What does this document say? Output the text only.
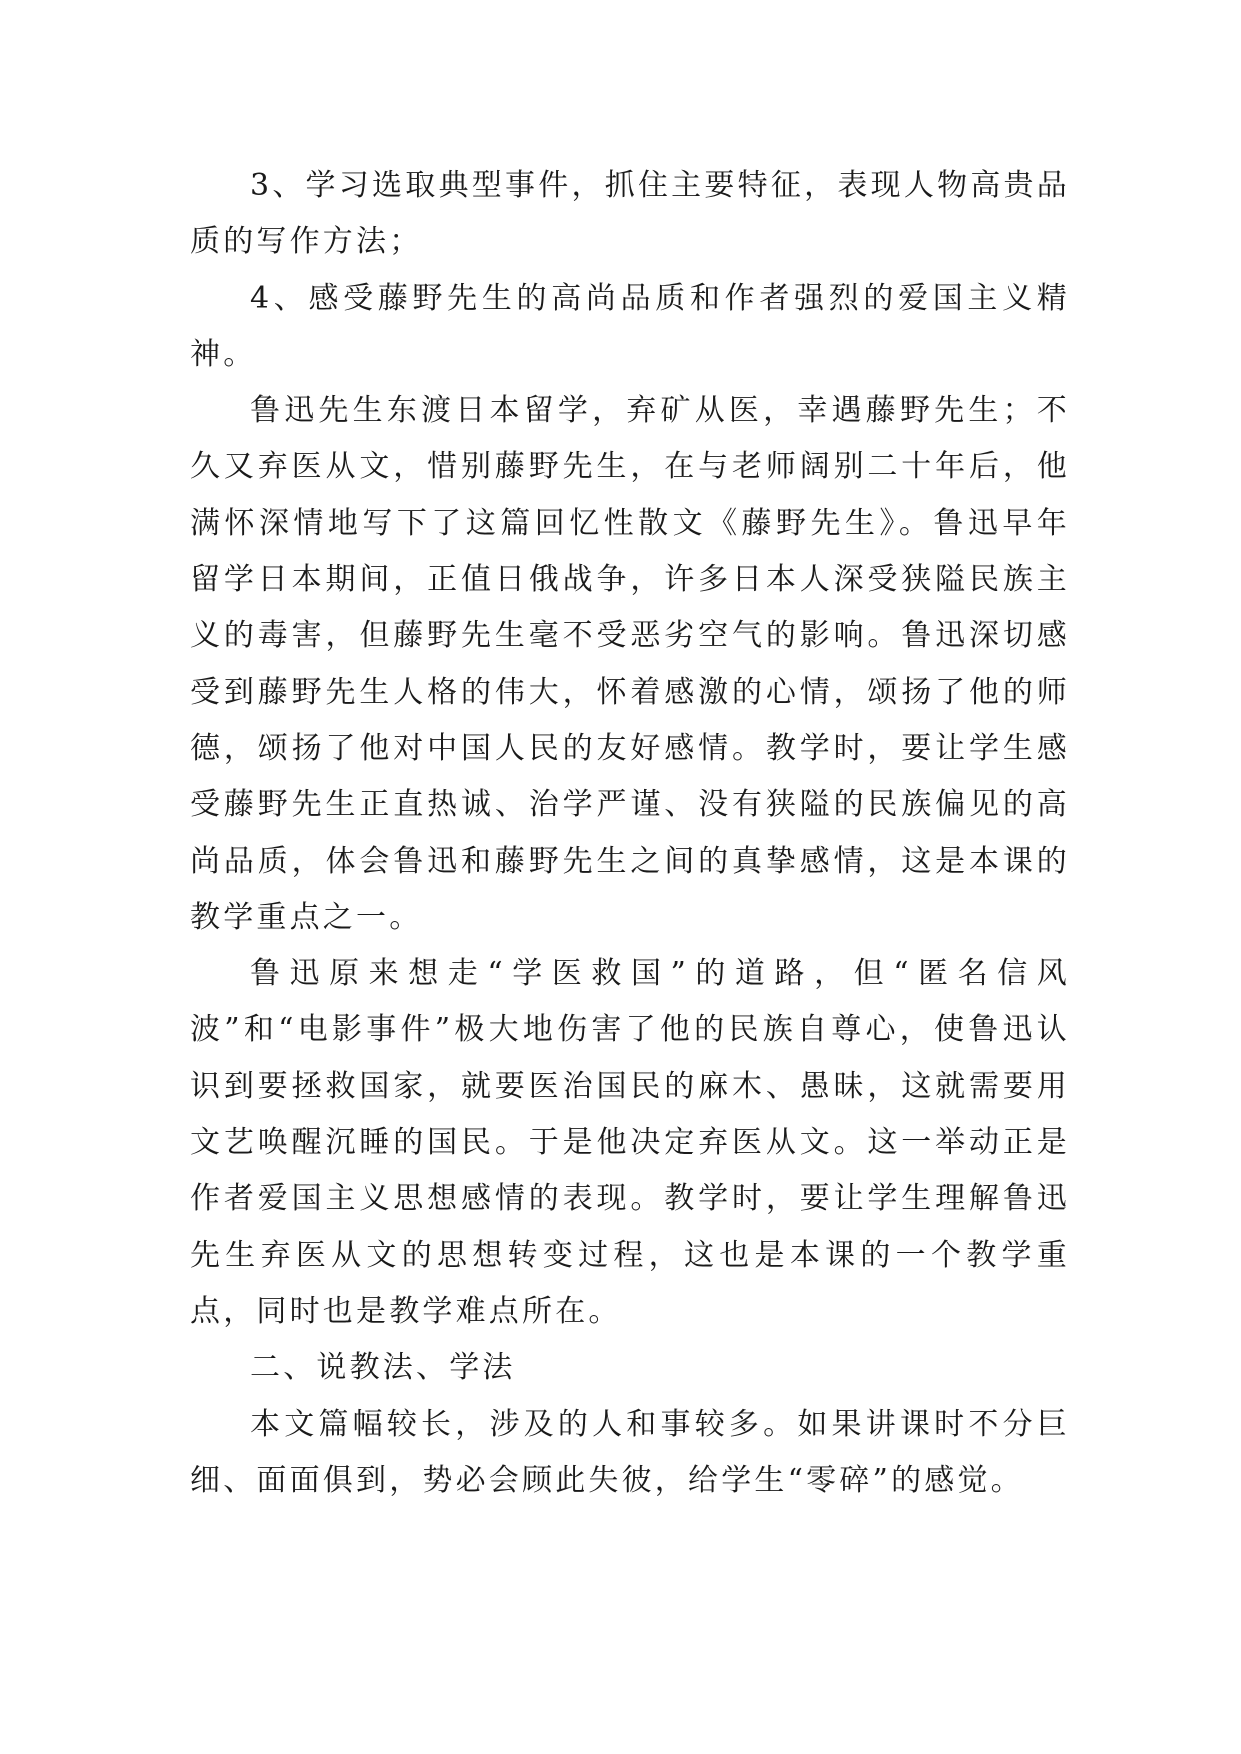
3、学习选取典型事件，抓住主要特征，表现人物高贵品质的写作方法；

4、感受藤野先生的高尚品质和作者强烈的爱国主义精神。

鲁迅先生东渡日本留学，弃矿从医，幸遇藤野先生；不久又弃医从文，惜别藤野先生，在与老师阔别二十年后，他满怀深情地写下了这篇回忆性散文《藤野先生》。鲁迅早年留学日本期间，正值日俄战争，许多日本人深受狭隘民族主义的毒害，但藤野先生毫不受恶劣空气的影响。鲁迅深切感受到藤野先生人格的伟大，怀着感激的心情，颂扬了他的师德，颂扬了他对中国人民的友好感情。教学时，要让学生感受藤野先生正直热诚、治学严谨、没有狭隘的民族偏见的高尚品质，体会鲁迅和藤野先生之间的真挚感情，这是本课的教学重点之一。

鲁迅原来想走“学医救国”的道路，但“匿名信风波”和“电影事件”极大地伤害了他的民族自尊心，使鲁迅认识到要拯救国家，就要医治国民的麻木、愚昧，这就需要用文艺唤醒沉睡的国民。于是他决定弃医从文。这一举动正是作者爱国主义思想感情的表现。教学时，要让学生理解鲁迅先生弃医从文的思想转变过程，这也是本课的一个教学重点，同时也是教学难点所在。

二、说教法、学法

本文篇幅较长，涉及的人和事较多。如果讲课时不分巨细、面面俱到，势必会顾此失彼，给学生“零碎”的感觉。
